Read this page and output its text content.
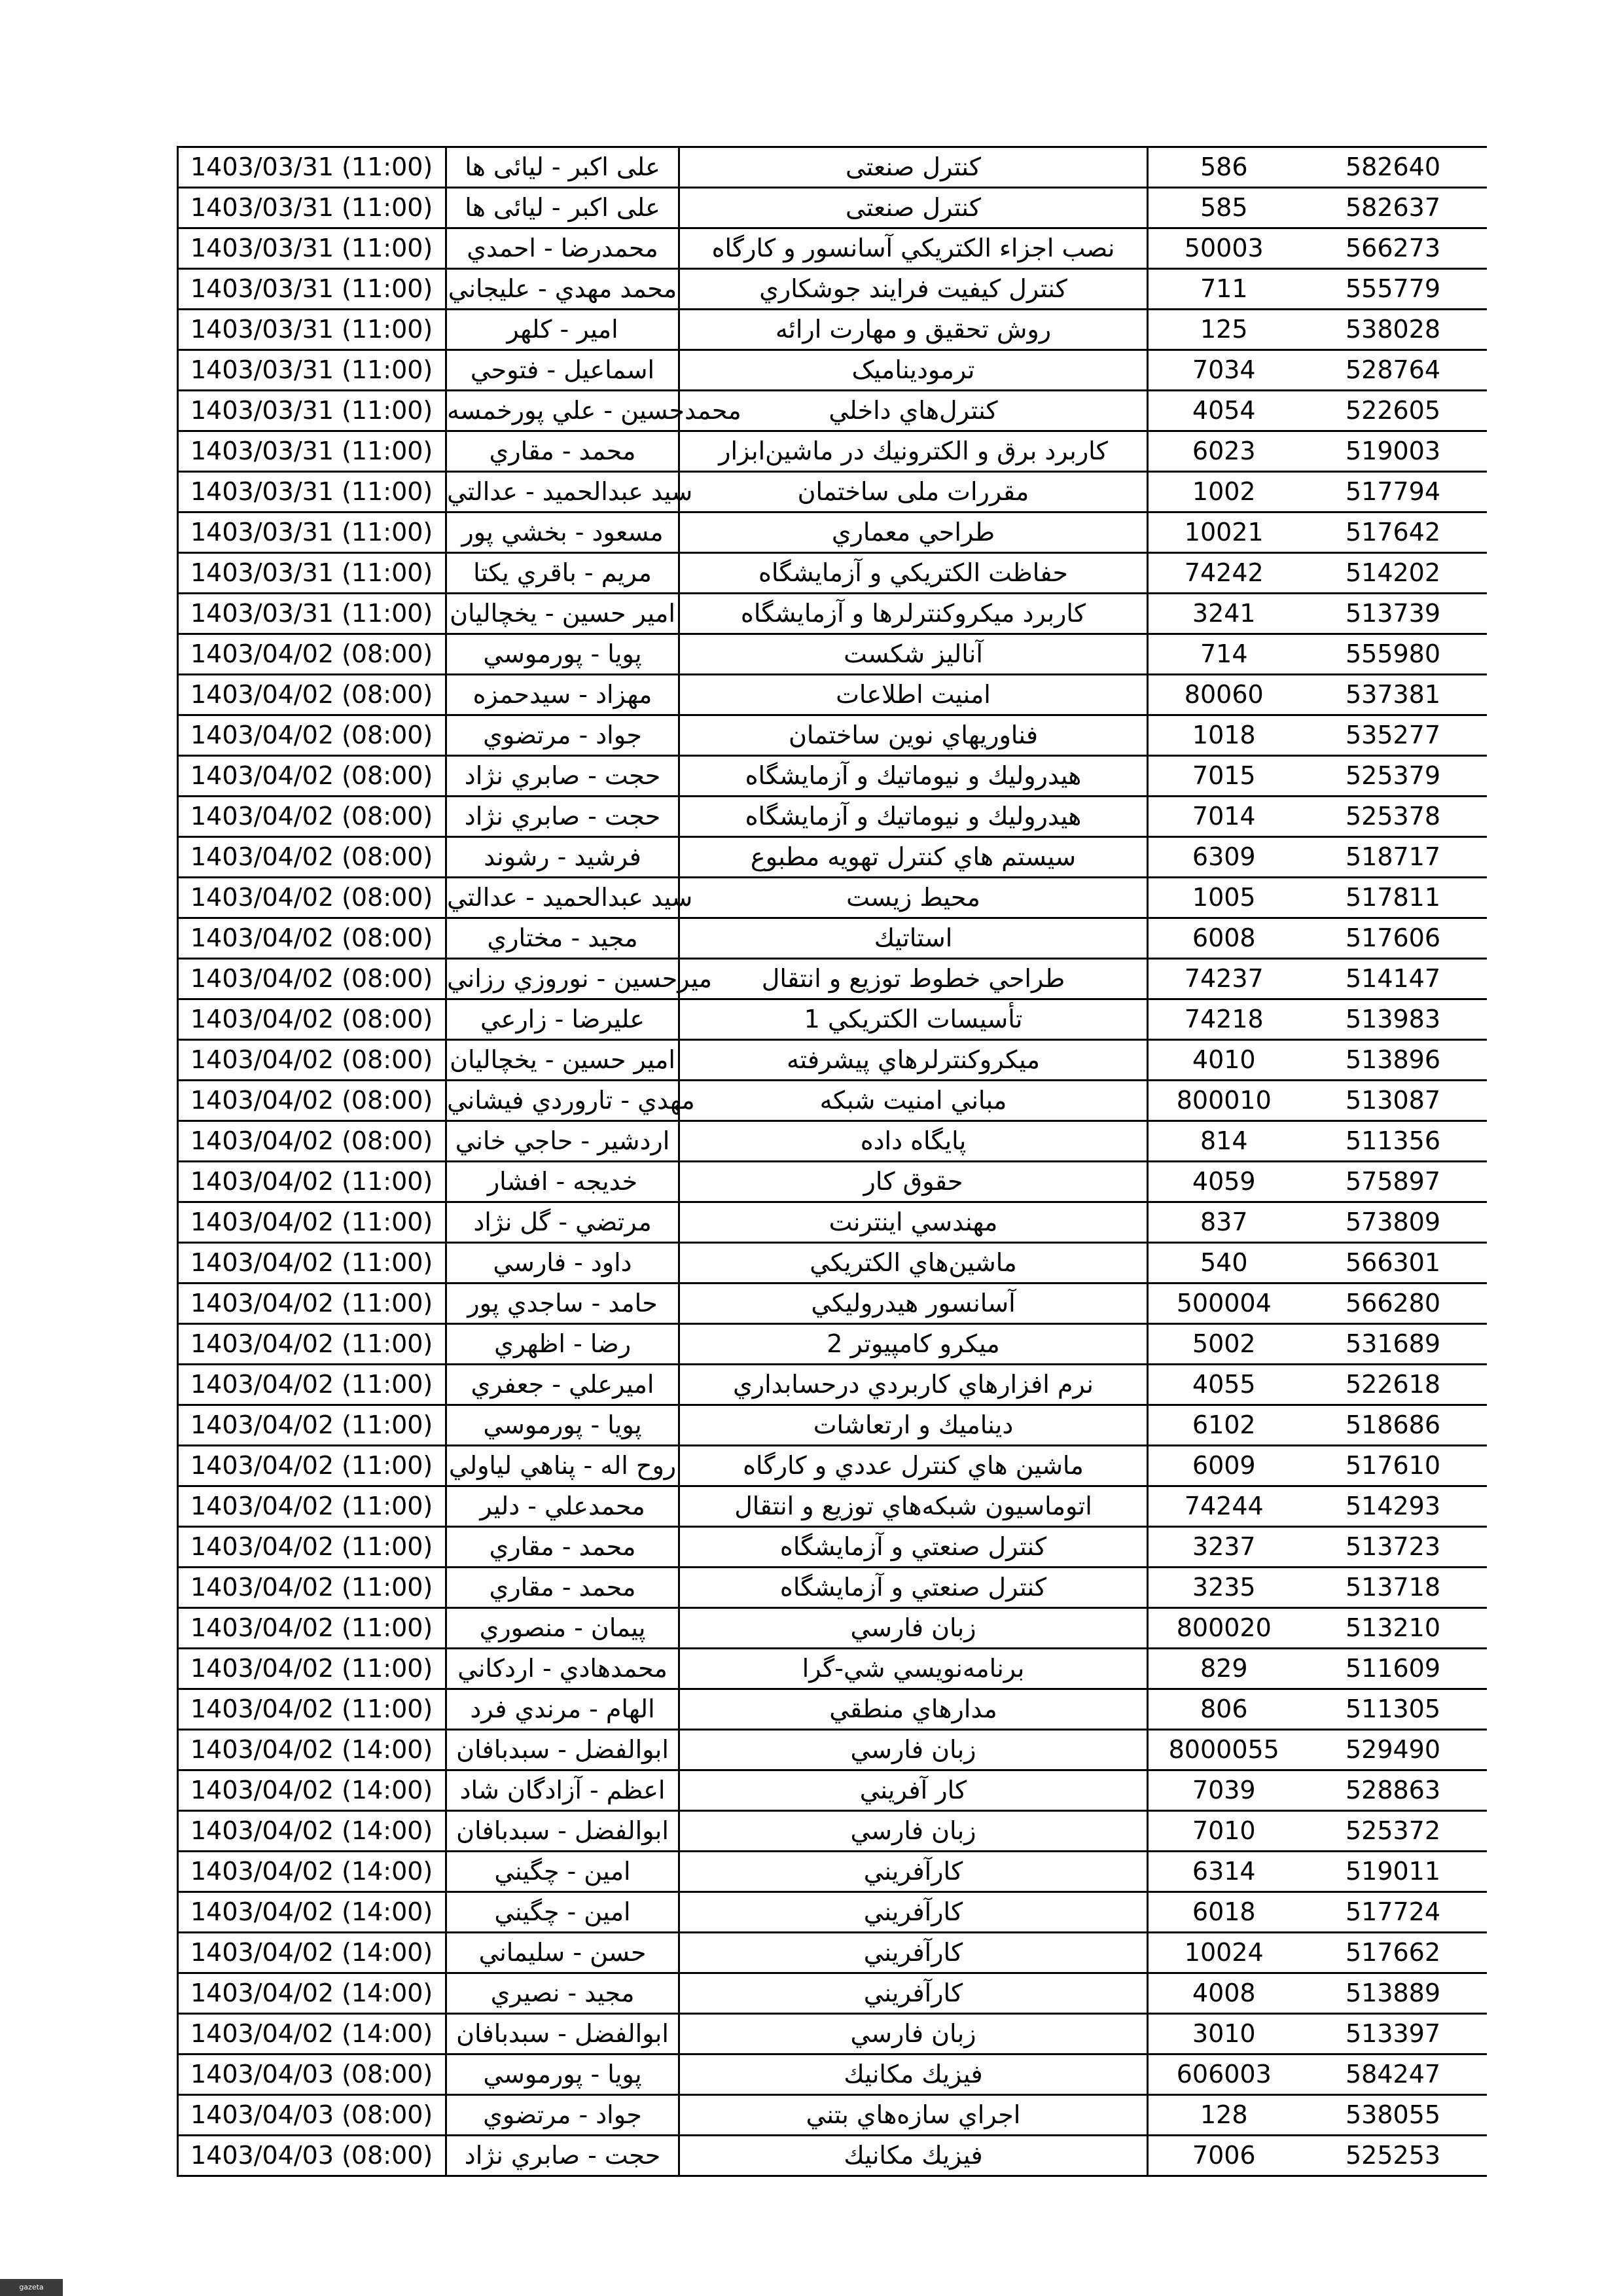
1403/03/31 (11:00)	علی اکبر - لیائی ها	کنترل صنعتی	586	582640
1403/03/31 (11:00)	علی اکبر - لیائی ها	کنترل صنعتی	585	582637
1403/03/31 (11:00)	محمدرضا - احمدي	نصب اجزاء الكتريكي آسانسور و كارگاه	50003	566273
1403/03/31 (11:00)	محمد مهدي - عليجاني	كنترل كيفيت فرايند جوشكاري	711	555779
1403/03/31 (11:00)	امير - كلهر	روش تحقيق و مهارت ارائه	125	538028
1403/03/31 (11:00)	اسماعيل - فتوحي	ترموديناميک	7034	528764
1403/03/31 (11:00)	محمدحسين - علي پورخمسه	كنترل‌هاي داخلي	4054	522605
1403/03/31 (11:00)	محمد - مقاري	كاربرد برق و الكترونيك در ماشين‌ابزار	6023	519003
1403/03/31 (11:00)	سيد عبدالحميد - عدالتي	مقررات ملی ساختمان	1002	517794
1403/03/31 (11:00)	مسعود - بخشي پور	طراحي معماري	10021	517642
1403/03/31 (11:00)	مريم - باقري يكتا	حفاظت الكتريكي و آزمايشگاه	74242	514202
1403/03/31 (11:00)	امير حسين - يخچاليان	كاربرد ميكروكنترلرها و آزمايشگاه	3241	513739
1403/04/02 (08:00)	پويا - پورموسي	آناليز شكست	714	555980
1403/04/02 (08:00)	مهزاد - سيدحمزه	امنيت اطلاعات	80060	537381
1403/04/02 (08:00)	جواد - مرتضوي	فناوريهاي نوين ساختمان	1018	535277
1403/04/02 (08:00)	حجت - صابري نژاد	هيدروليك و نيوماتيك و آزمايشگاه	7015	525379
1403/04/02 (08:00)	حجت - صابري نژاد	هيدروليك و نيوماتيك و آزمايشگاه	7014	525378
1403/04/02 (08:00)	فرشيد - رشوند	سيستم هاي كنترل تهويه مطبوع	6309	518717
1403/04/02 (08:00)	سيد عبدالحميد - عدالتي	محيط زيست	1005	517811
1403/04/02 (08:00)	مجيد - مختاري	استاتيك	6008	517606
1403/04/02 (08:00)	ميرحسين - نوروزي رزاني	طراحي خطوط توزيع و انتقال	74237	514147
1403/04/02 (08:00)	عليرضا - زارعي	تأسيسات الكتريكي 1	74218	513983
1403/04/02 (08:00)	امير حسين - يخچاليان	ميكروكنترلرهاي پيشرفته	4010	513896
1403/04/02 (08:00)	مهدي - تاروردي فيشاني	مباني امنيت شبكه	800010	513087
1403/04/02 (08:00)	اردشير - حاجي خاني	پايگاه داده	814	511356
1403/04/02 (11:00)	خديجه - افشار	حقوق كار	4059	575897
1403/04/02 (11:00)	مرتضي - گل نژاد	مهندسي اينترنت	837	573809
1403/04/02 (11:00)	داود - فارسي	ماشين‌هاي الكتريكي	540	566301
1403/04/02 (11:00)	حامد - ساجدي پور	آسانسور هيدروليكي	500004	566280
1403/04/02 (11:00)	رضا - اظهري	ميكرو كامپيوتر 2	5002	531689
1403/04/02 (11:00)	اميرعلي - جعفري	نرم افزارهاي كاربردي درحسابداري	4055	522618
1403/04/02 (11:00)	پويا - پورموسي	ديناميك و ارتعاشات	6102	518686
1403/04/02 (11:00)	روح اله - پناهي لياولي	ماشين هاي كنترل عددي و كارگاه	6009	517610
1403/04/02 (11:00)	محمدعلي - دلير	اتوماسيون شبكه‌هاي توزيع و انتقال	74244	514293
1403/04/02 (11:00)	محمد - مقاري	كنترل صنعتي و آزمايشگاه	3237	513723
1403/04/02 (11:00)	محمد - مقاري	كنترل صنعتي و آزمايشگاه	3235	513718
1403/04/02 (11:00)	پيمان - منصوري	زبان فارسي	800020	513210
1403/04/02 (11:00)	محمدهادي - اردكاني	برنامه‌نويسي شي-گرا	829	511609
1403/04/02 (11:00)	الهام - مرندي فرد	مدارهاي منطقي	806	511305
1403/04/02 (14:00)	ابوالفضل - سبدبافان	زبان فارسي	8000055	529490
1403/04/02 (14:00)	اعظم - آزادگان شاد	كار آفريني	7039	528863
1403/04/02 (14:00)	ابوالفضل - سبدبافان	زبان فارسي	7010	525372
1403/04/02 (14:00)	امين - چگيني	كارآفريني	6314	519011
1403/04/02 (14:00)	امين - چگيني	كارآفريني	6018	517724
1403/04/02 (14:00)	حسن - سليماني	كارآفريني	10024	517662
1403/04/02 (14:00)	مجيد - نصيري	كارآفريني	4008	513889
1403/04/02 (14:00)	ابوالفضل - سبدبافان	زبان فارسي	3010	513397
1403/04/03 (08:00)	پويا - پورموسي	فيزيك مكانيك	606003	584247
1403/04/03 (08:00)	جواد - مرتضوي	اجراي سازه‌هاي بتني	128	538055
1403/04/03 (08:00)	حجت - صابري نژاد	فيزيك مكانيك	7006	525253
gazeta
